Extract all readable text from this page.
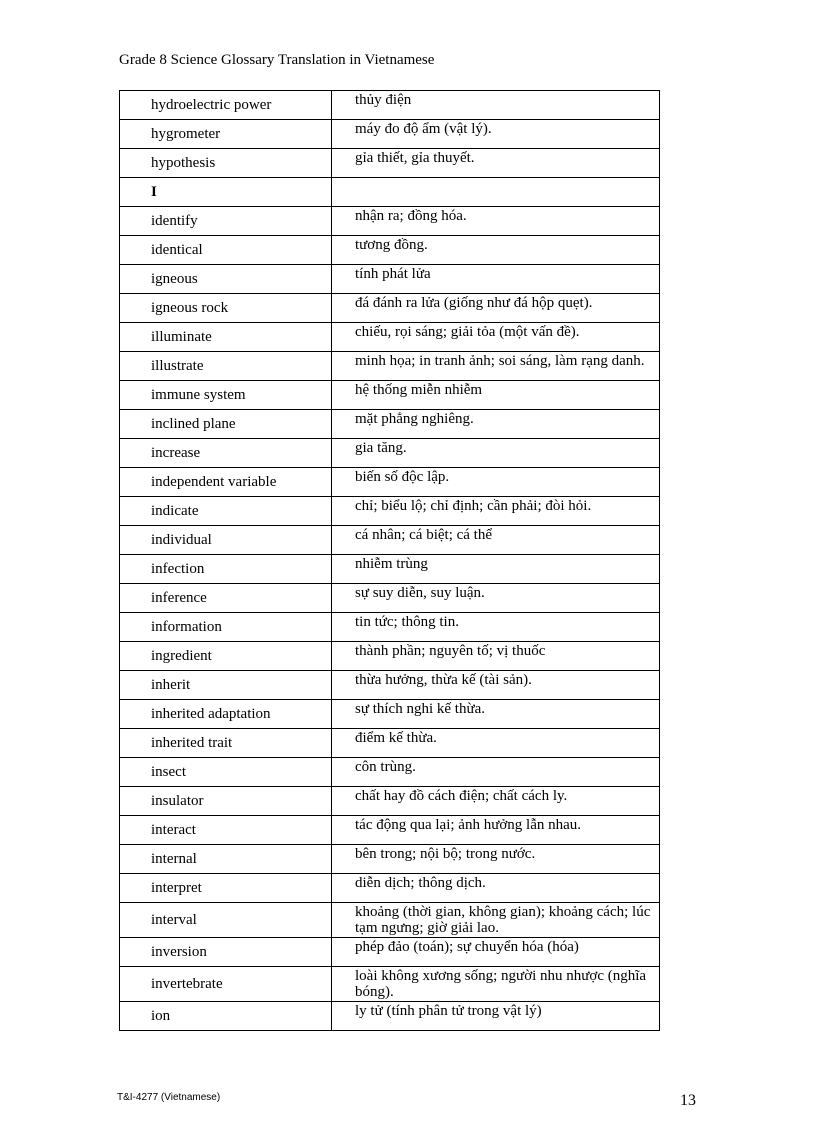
Grade 8 Science Glossary Translation in Vietnamese
hydroelectric power	thủy điện
hygrometer	máy đo độ ẩm (vật lý).
hypothesis	gỉa thiết, gỉa thuyết.
I	
identify	nhận ra; đồng hóa.
identical	tương đồng.
igneous	tính phát lửa
igneous rock	đá đánh ra lửa (giống như đá hộp quẹt).
illuminate	chiếu, rọi sáng; giải tỏa (một vấn đề).
illustrate	minh họa; in tranh ảnh; soi sáng, làm rạng danh.
immune system	hệ thống miễn nhiễm
inclined plane	mặt phẳng nghiêng.
increase	gia tăng.
independent variable	biến số độc lập.
indicate	chỉ; biểu lộ; chỉ định; cần phải; đòi hỏi.
individual	cá nhân; cá biệt; cá thể
infection	nhiễm trùng
inference	sự suy diễn, suy luận.
information	tin tức; thông tin.
ingredient	thành phần; nguyên tố; vị thuốc
inherit	thừa hưởng, thừa kế (tài sản).
inherited adaptation	sự thích nghi kế thừa.
inherited trait	điểm kế thừa.
insect	côn trùng.
insulator	chất hay đồ cách điện; chất cách ly.
interact	tác động qua lại; ảnh hưởng lẫn nhau.
internal	bên trong; nội bộ; trong nước.
interpret	diễn dịch; thông dịch.
interval	khoảng (thời gian, không gian); khoảng cách; lúc tạm ngưng; giờ giải lao.
inversion	phép đảo (toán); sự chuyển hóa (hóa)
invertebrate	loài không xương sống; người nhu nhược (nghĩa bóng).
ion	ly tử (tính phân tử trong vật lý)
T&I-4277 (Vietnamese)	13
